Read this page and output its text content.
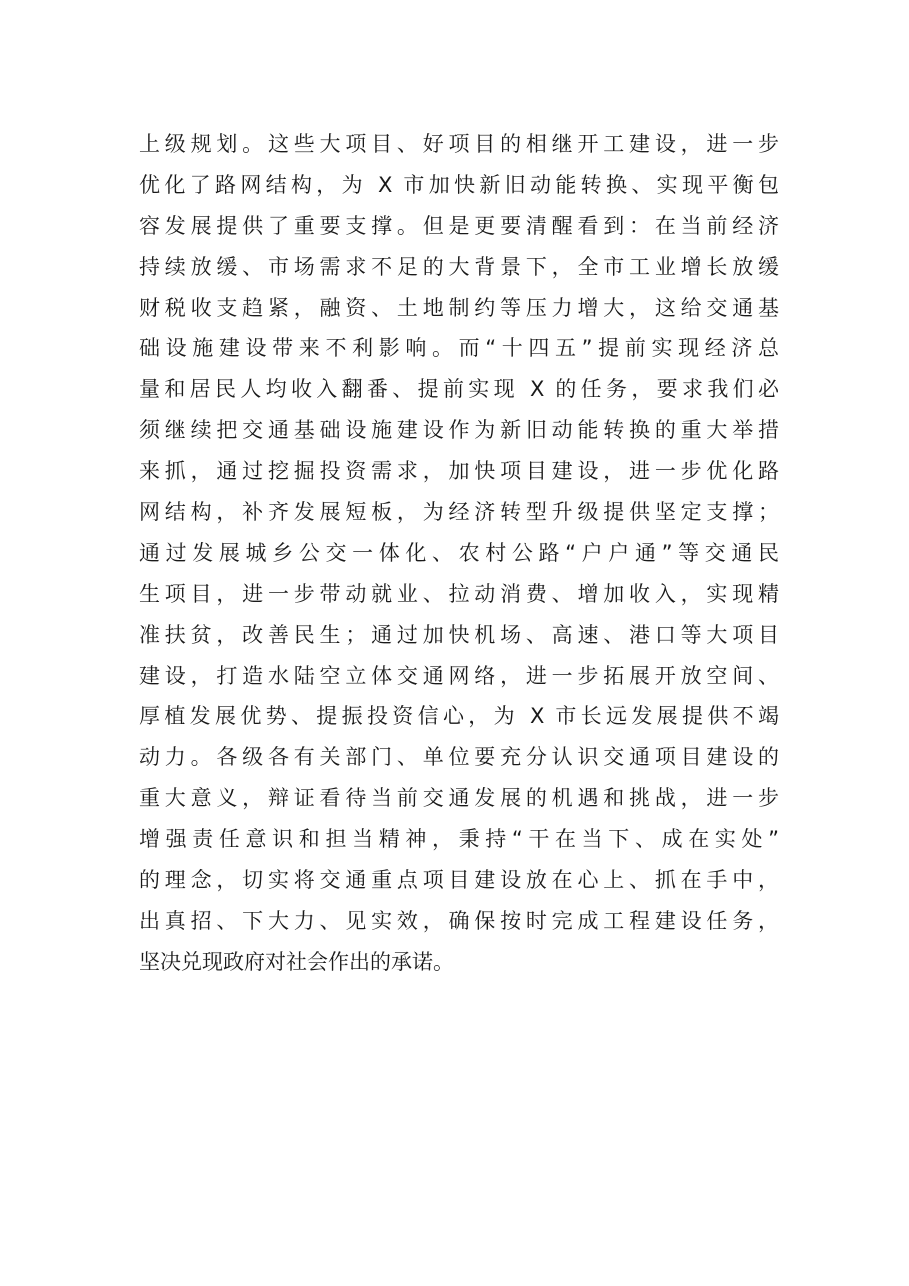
上级规划。这些大项目、好项目的相继开工建设，进一步
优化了路网结构，为 X 市加快新旧动能转换、实现平衡包
容发展提供了重要支撑。但是更要清醒看到：在当前经济
持续放缓、市场需求不足的大背景下，全市工业增长放缓
财税收支趋紧，融资、土地制约等压力增大，这给交通基
础设施建设带来不利影响。而“十四五”提前实现经济总
量和居民人均收入翻番、提前实现 X 的任务，要求我们必
须继续把交通基础设施建设作为新旧动能转换的重大举措
来抓，通过挖掘投资需求，加快项目建设，进一步优化路
网结构，补齐发展短板，为经济转型升级提供坚定支撑；
通过发展城乡公交一体化、农村公路“户户通”等交通民
生项目，进一步带动就业、拉动消费、增加收入，实现精
准扶贫，改善民生；通过加快机场、高速、港口等大项目
建设，打造水陆空立体交通网络，进一步拓展开放空间、
厚植发展优势、提振投资信心，为 X 市长远发展提供不竭
动力。各级各有关部门、单位要充分认识交通项目建设的
重大意义，辩证看待当前交通发展的机遇和挑战，进一步
增强责任意识和担当精神，秉持“干在当下、成在实处”
的理念，切实将交通重点项目建设放在心上、抓在手中，
出真招、下大力、见实效，确保按时完成工程建设任务，
坚决兑现政府对社会作出的承诺。
